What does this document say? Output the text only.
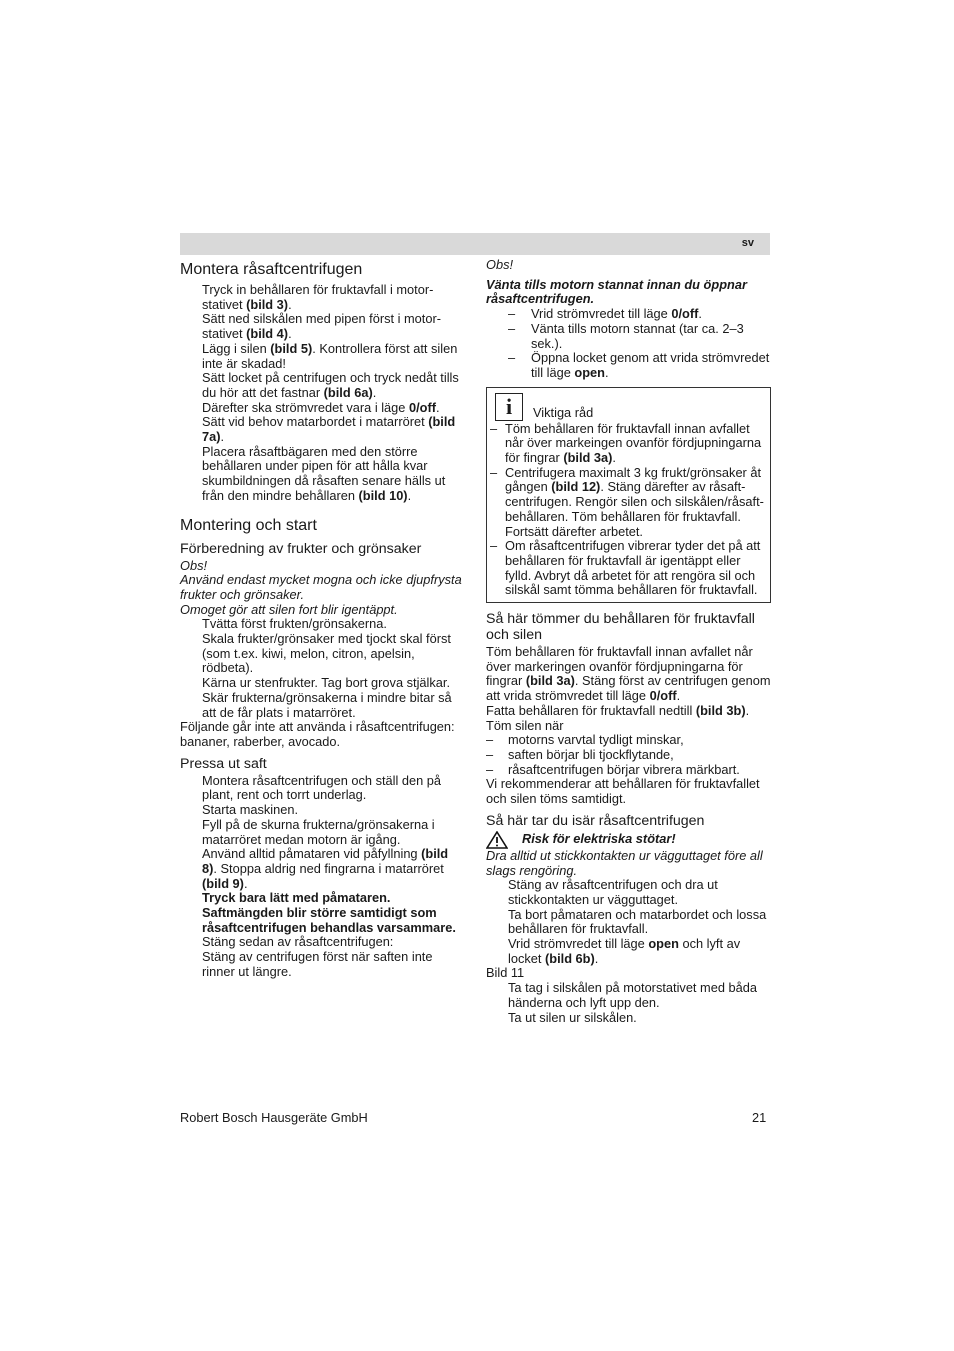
sv
Montera råsaftcentrifugen

Tryck in behållaren för fruktavfall i motor-stativet (bild 3).

Sätt ned silskålen med pipen först i motor-stativet (bild 4).

Lägg i silen (bild 5). Kontrollera först att silen inte är skadad!

Sätt locket på centrifugen och tryck nedåt tills du hör att det fastnar (bild 6a).

Därefter ska strömvredet vara i läge 0/off.

Sätt vid behov matarbordet i matarröret (bild 7a).

Placera råsaftbägaren med den större behållaren under pipen för att hålla kvar skumbildningen då råsaften senare hälls ut från den mindre behållaren (bild 10).

Montering och start
Förberedning av frukter och grönsaker

Obs!

Använd endast mycket mogna och icke djupfrysta frukter och grönsaker.

Omoget gör att silen fort blir igentäppt.

Tvätta först frukten/grönsakerna.

Skala frukter/grönsaker med tjockt skal först (som t.ex. kiwi, melon, citron, apelsin, rödbeta).

Kärna ur stenfrukter. Tag bort grova stjälkar.

Skär frukterna/grönsakerna i mindre bitar så att de får plats i matarröret.

Följande går inte att använda i råsaftcentrifugen: bananer, raberber, avocado.

Pressa ut saft

Montera råsaftcentrifugen och ställ den på plant, rent och torrt underlag.

Starta maskinen.

Fyll på de skurna frukterna/grönsakerna i matarröret medan motorn är igång.

Använd alltid påmataren vid påfyllning (bild 8). Stoppa aldrig ned fingrarna i matarröret (bild 9).

Tryck bara lätt med påmataren. Saftmängden blir större samtidigt som råsaftcentrifugen behandlas varsammare.

Stäng sedan av råsaftcentrifugen:

Stäng av centrifugen först när saften inte rinner ut längre.

Obs!

Vänta tills motorn stannat innan du öppnar råsaftcentrifugen.

– Vrid strömvredet till läge 0/off.
– Vänta tills motorn stannat (tar ca. 2–3 sek.).
– Öppna locket genom att vrida strömvredet till läge open.
i	Viktiga råd
– Töm behållaren för fruktavfall innan avfallet når över markeingen ovanför fördjupningarna för fingrar (bild 3a).
– Centrifugera maximalt 3 kg frukt/grönsaker åt gången (bild 12). Stäng därefter av råsaft-centrifugen. Rengör silen och silskålen/råsaft-behållaren. Töm behållaren för fruktavfall. Fortsätt därefter arbetet.
– Om råsaftcentrifugen vibrerar tyder det på att behållaren för fruktavfall är igentäppt eller fylld. Avbryt då arbetet för att rengöra sil och silskål samt tömma behållaren för fruktavfall.
Så här tömmer du behållaren för fruktavfall och silen

Töm behållaren för fruktavfall innan avfallet når över markeringen ovanför fördjupningarna för fingrar (bild 3a). Stäng först av centrifugen genom att vrida strömvredet till läge 0/off.

Fatta behållaren för fruktavfall nedtill (bild 3b).

Töm silen när

– motorns varvtal tydligt minskar,
– saften börjar bli tjockflytande,
– råsaftcentrifugen börjar vibrera märkbart.

Vi rekommenderar att behållaren för fruktavfallet och silen töms samtidigt.

Så här tar du isär råsaftcentrifugen
Risk för elektriska stötar!

Dra alltid ut stickkontakten ur vägguttaget före all slags rengöring.

Stäng av råsaftcentrifugen och dra ut stickkontakten ur vägguttaget.

Ta bort påmataren och matarbordet och lossa behållaren för fruktavfall.

Vrid strömvredet till läge open och lyft av locket (bild 6b).

Bild 11

Ta tag i silskålen på motorstativet med båda händerna och lyft upp den.

Ta ut silen ur silskålen.

Robert Bosch Hausgeräte GmbH	21
